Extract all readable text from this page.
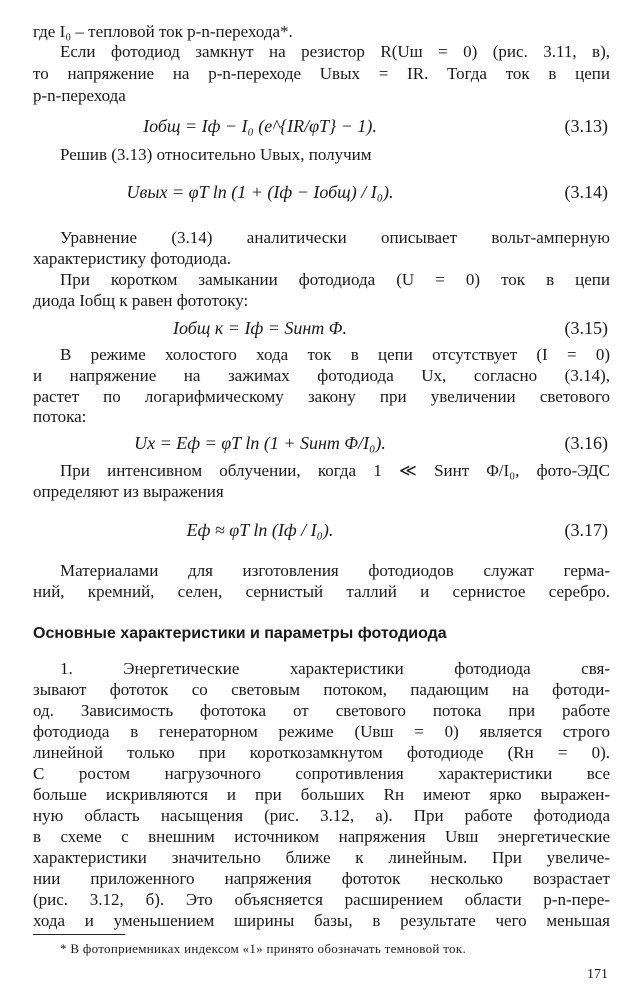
где I₀ – тепловой ток p-n-перехода*.
Если фотодиод замкнут на резистор R(Uш = 0) (рис. 3.11, в),
то напряжение на p-n-переходе Uвых = IR. Тогда ток в цепи
p-n-перехода
Iобщ = Iф − I₀ (e^{IR/φT} − 1).	(3.13)
Решив (3.13) относительно Uвых, получим
Uвых = φT ln (1 + (Iф − Iобщ) / I₀).	(3.14)
Уравнение (3.14) аналитически описывает вольт-амперную
характеристику фотодиода.
При коротком замыкании фотодиода (U = 0) ток в цепи
диода Iобщ к равен фототоку:
Iобщ к = Iф = Sинт Φ.	(3.15)
В режиме холостого хода ток в цепи отсутствует (I = 0)
и напряжение на зажимах фотодиода Uх, согласно (3.14),
растет по логарифмическому закону при увеличении светового
потока:
Uх = Eф = φT ln (1 + Sинт Φ/I₀).	(3.16)
При интенсивном облучении, когда 1 ≪ Sинт Φ/I₀, фото-ЭДС
определяют из выражения
Eф ≈ φT ln (Iф / I₀).	(3.17)
Материалами для изготовления фотодиодов служат герма-
ний, кремний, селен, сернистый таллий и сернистое серебро.
Основные характеристики и параметры фотодиода
1. Энергетические характеристики фотодиода свя-
зывают фототок со световым потоком, падающим на фотоди-
од. Зависимость фототока от светового потока при работе
фотодиода в генераторном режиме (Uвш = 0) является строго
линейной только при короткозамкнутом фотодиоде (Rн = 0).
С ростом нагрузочного сопротивления характеристики все
больше искривляются и при больших Rн имеют ярко выражен-
ную область насыщения (рис. 3.12, а). При работе фотодиода
в схеме с внешним источником напряжения Uвш энергетические
характеристики значительно ближе к линейным. При увеличе-
нии приложенного напряжения фототок несколько возрастает
(рис. 3.12, б). Это объясняется расширением области p-n-пере-
хода и уменьшением ширины базы, в результате чего меньшая
* В фотоприемниках индексом «1» принято обозначать темновой ток.
171
